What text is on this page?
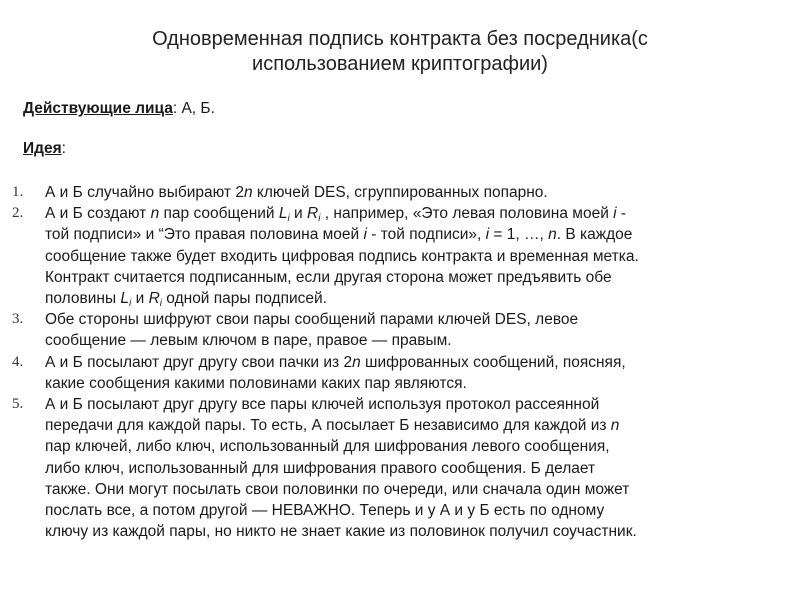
Одновременная подпись контракта без посредника(с
использованием криптографии)
Действующие лица: А, Б.
Идея:
1. А и Б случайно выбирают 2n ключей DES, сгруппированных попарно.
2. А и Б создают n пар сообщений $L_i$ и $R_i$ , например, «Это левая половина моей i -
той подписи» и “Это правая половина моей i - той подписи», i = 1, …, n. В каждое
сообщение также будет входить цифровая подпись контракта и временная метка.
Контракт считается подписанным, если другая сторона может предъявить обе
половины $L_i$ и $R_i$ одной пары подписей.
3. Обе стороны шифруют свои пары сообщений парами ключей DES, левое
сообщение — левым ключом в паре, правое — правым.
4. А и Б посылают друг другу свои пачки из 2n шифрованных сообщений, поясняя,
какие сообщения какими половинами каких пар являются.
5. А и Б посылают друг другу все пары ключей используя протокол рассеянной
передачи для каждой пары. То есть, А посылает Б независимо для каждой из n
пар ключей, либо ключ, использованный для шифрования левого сообщения,
либо ключ, использованный для шифрования правого сообщения. Б делает
также. Они могут посылать свои половинки по очереди, или сначала один может
послать все, а потом другой — НЕВАЖНО. Теперь и у А и у Б есть по одному
ключу из каждой пары, но никто не знает какие из половинок получил соучастник.
